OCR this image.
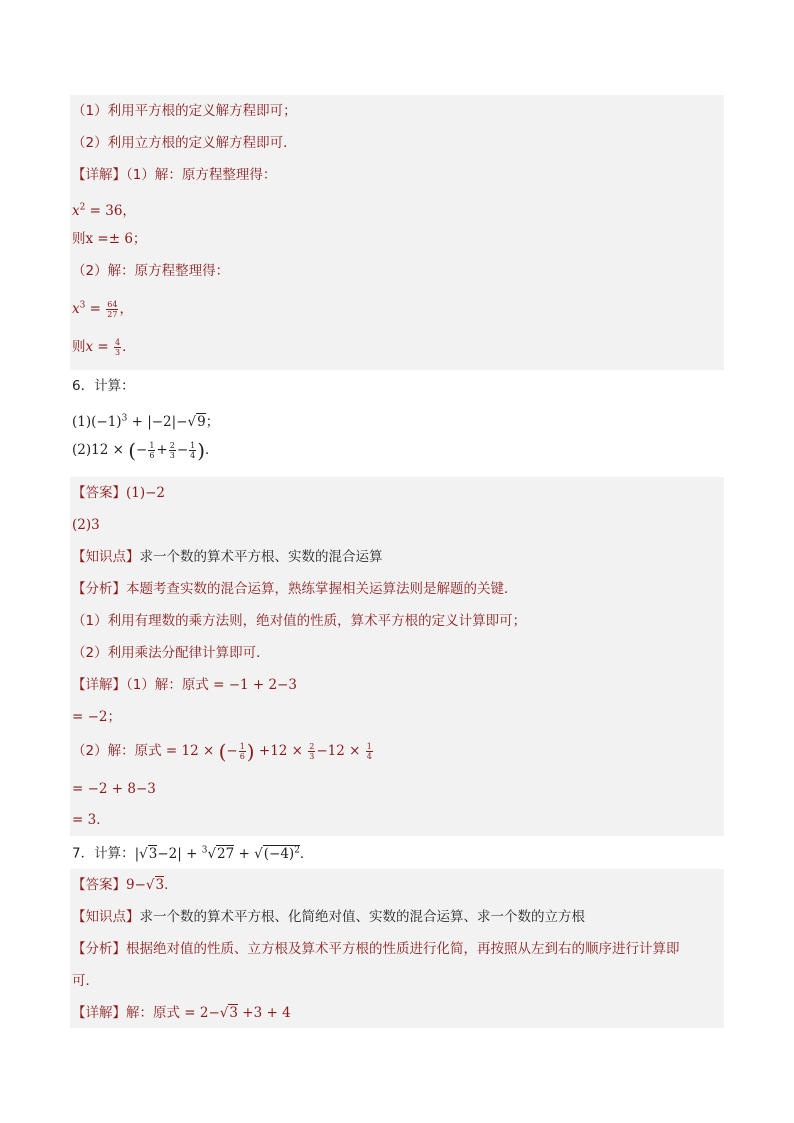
（1）利用平方根的定义解方程即可；
（2）利用立方根的定义解方程即可．
【详解】（1）解：原方程整理得：
$x^2 = 36$，
则x =± 6；
（2）解：原方程整理得：
$x^3 = \frac{64}{27}$ ，
则$x = \frac{4}{3}$ ．
6．计算：
$(1)(-1)^3 + |-2|-√9$；
(2)12 × (− $\frac{1}{6} + \frac{2}{3} - \frac{1}{4}$ )．
【答案】(1)−2
(2)3
【知识点】求一个数的算术平方根、实数的混合运算
【分析】本题考查实数的混合运算，熟练掌握相关运算法则是解题的关键．
（1）利用有理数的乘方法则，绝对值的性质，算术平方根的定义计算即可；
（2）利用乘法分配律计算即可．
【详解】（1）解：原式 = −1 + 2−3
= −2；
（2）解：原式 = 12 × (− $\frac{1}{6}$ ) $+12 \times \frac{2}{3} -12 \times \frac{1}{4}$
= −2 + 8−3
= 3．
7．计算：$|√3-2| + ^3√27 + √(-4)^2$．
【答案】9−√3．
【知识点】求一个数的算术平方根、化简绝对值、实数的混合运算、求一个数的立方根
【分析】根据绝对值的性质、立方根及算术平方根的性质进行化简，再按照从左到右的顺序进行计算即
可．
【详解】解：原式 = 2−√3 +3 + 4
